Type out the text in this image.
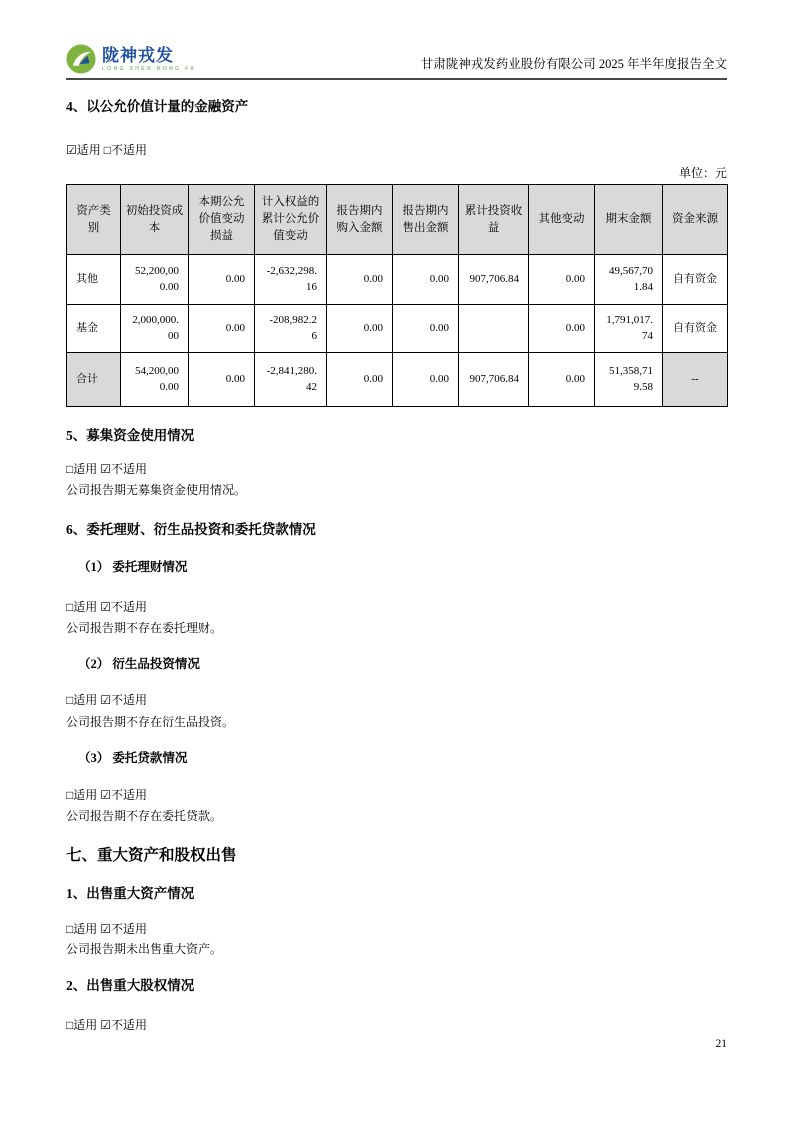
陇神戎发
LONG SHEN RONG FA	甘肃陇神戎发药业股份有限公司 2025 年半年度报告全文
4、以公允价值计量的金融资产
☑适用 □不适用
单位：元
资产类别	初始投资成本	本期公允价值变动损益	计入权益的累计公允价值变动	报告期内购入金额	报告期内售出金额	累计投资收益	其他变动	期末金额	资金来源
其他	52,200,000.00	0.00	-2,632,298.16	0.00	0.00	907,706.84	0.00	49,567,701.84	自有资金
基金	2,000,000.00	0.00	-208,982.26	0.00	0.00		0.00	1,791,017.74	自有资金
合计	54,200,000.00	0.00	-2,841,280.42	0.00	0.00	907,706.84	0.00	51,358,719.58	--
5、募集资金使用情况
□适用 ☑不适用
公司报告期无募集资金使用情况。
6、委托理财、衍生品投资和委托贷款情况
（1） 委托理财情况
□适用 ☑不适用
公司报告期不存在委托理财。
（2） 衍生品投资情况
□适用 ☑不适用
公司报告期不存在衍生品投资。
（3） 委托贷款情况
□适用 ☑不适用
公司报告期不存在委托贷款。
七、重大资产和股权出售
1、出售重大资产情况
□适用 ☑不适用
公司报告期未出售重大资产。
2、出售重大股权情况
□适用 ☑不适用
21
